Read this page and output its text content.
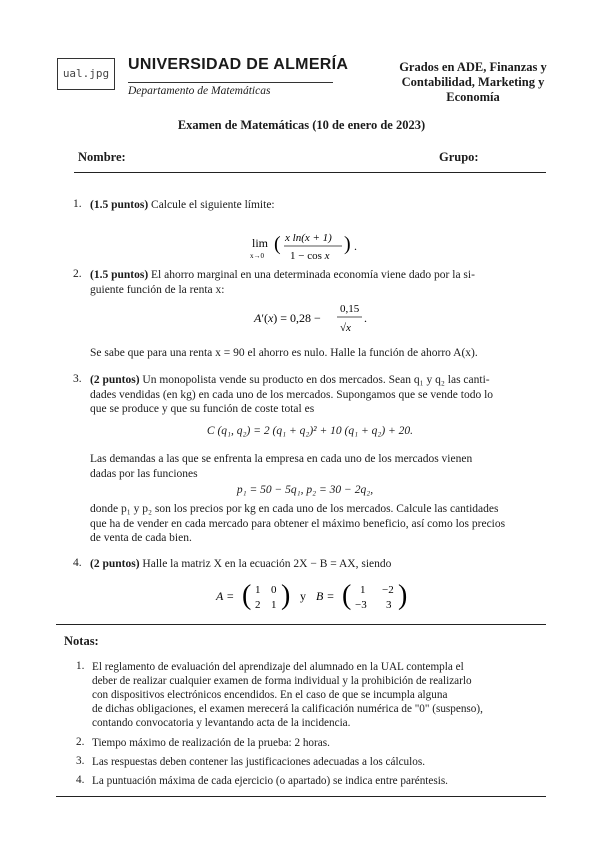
ual.jpg
UNIVERSIDAD DE ALMERÍA
Departamento de Matemáticas
Grados en ADE, Finanzas y
Contabilidad, Marketing y
Economía
Examen de Matemáticas (10 de enero de 2023)
Nombre:	Grupo:
1. (1.5 puntos) Calcule el siguiente límite:
lim
x→0
( x ln(x + 1)
1 − cos x
) .
2. (1.5 puntos) El ahorro marginal en una determinada economía viene dado por la si-
guiente función de la renta x:
A′(x) = 0,28 −
0,15
√x
.
Se sabe que para una renta x = 90 el ahorro es nulo. Halle la función de ahorro A(x).
3. (2 puntos) Un monopolista vende su producto en dos mercados. Sean q₁ y q₂ las canti-
dades vendidas (en kg) en cada uno de los mercados. Supongamos que se vende todo lo
que se produce y que su función de coste total es
C (q₁, q₂) = 2 (q₁ + q₂)² + 10 (q₁ + q₂) + 20.
Las demandas a las que se enfrenta la empresa en cada uno de los mercados vienen
dadas por las funciones
p₁ = 50 − 5q₁, p₂ = 30 − 2q₂,
donde p₁ y p₂ son los precios por kg en cada uno de los mercados. Calcule las cantidades
que ha de vender en cada mercado para obtener el máximo beneficio, así como los precios
de venta de cada bien.
4. (2 puntos) Halle la matriz X en la ecuación 2X − B = AX, siendo
A = ( 1 0
2 1 ) y B = ( 1 −2
−3 3 )
Notas:
1. El reglamento de evaluación del aprendizaje del alumnado en la UAL contempla el
deber de realizar cualquier examen de forma individual y la prohibición de realizarlo
con dispositivos electrónicos encendidos. En el caso de que se incumpla alguna
de dichas obligaciones, el examen merecerá la calificación numérica de "0" (suspenso),
contando convocatoria y levantando acta de la incidencia.
2. Tiempo máximo de realización de la prueba: 2 horas.
3. Las respuestas deben contener las justificaciones adecuadas a los cálculos.
4. La puntuación máxima de cada ejercicio (o apartado) se indica entre paréntesis.
